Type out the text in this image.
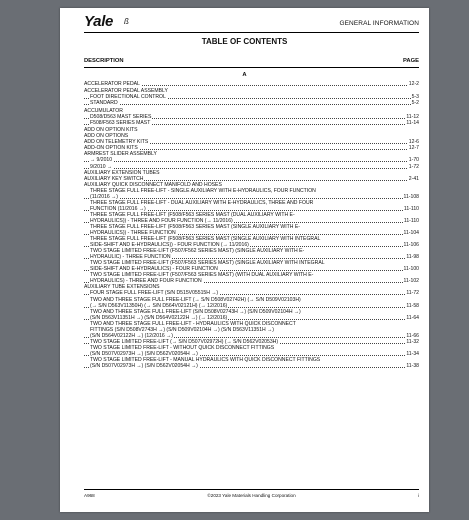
Yale ß	GENERAL INFORMATION
TABLE OF CONTENTS
DESCRIPTION	PAGE
A
ACCELERATOR PEDAL	12-2
ACCELERATOR PEDAL ASSEMBLY
FOOT DIRECTIONAL CONTROL	5-3
STANDARD	5-2
ACCUMULATOR
D508/D563 MAST SERIES	11-12
F508/F563 SERIES MAST	11-14
ADD ON OPTION KITS
ADD ON OPTIONS
ADD ON TELEMETRY KITS	12-6
ADD-ON OPTION KITS	12-7
ARMREST SLIDER ASSEMBLY
→ 9/2010	1-70
9/2010 →	1-72
AUXILIARY EXTENSION TUBES
AUXILIARY KEY SWITCH	2-41
AUXILIARY QUICK DISCONNECT MANIFOLD AND HOSES
THREE STAGE FULL FREE-LIFT - SINGLE AUXILIARY WITH E-HYDRAULICS, FOUR FUNCTION
(11/2016 →)	11-108
THREE STAGE FULL FREE-LIFT - DUAL AUXILIARY WITH E-HYDRAULICS, THREE AND FOUR
FUNCTION (11/2016 →)	11-110
THREE STAGE FULL FREE-LIFT (F508/F563 SERIES MAST (DUAL AUXILIARY WITH E-
HYDRAULICS)) - THREE AND FOUR FUNCTION (→ 11/2016)	11-110
THREE STAGE FULL FREE-LIFT (F508/F563 SERIES MAST (SINGLE AUXILIARY WITH E-
HYDRAULICS)) - THREE FUNCTION	11-104
THREE STAGE FULL FREE-LIFT (F508/F563 SERIES MAST (SINGLE AUXILIARY WITH INTEGRAL
SIDE-SHIFT AND E-HYDRAULICS)) - FOUR FUNCTION (→ 11/2016)	11-106
TWO STAGE LIMITED FREE-LIFT (F507/F562 SERIES MAST) (SINGLE AUXILIARY WITH E-
HYDRAULIC) - THREE FUNCTION	11-98
TWO STAGE LIMITED FREE-LIFT (F507/F563 SERIES MAST) (SINGLE AUXILIARY WITH INTEGRAL
SIDE-SHIFT AND E-HYDRAULICS) - FOUR FUNCTION	11-100
TWO STAGE LIMITED FREE-LIFT (F507/F563 SERIES MAST) (WITH DUAL AUXILIARY WITH E-
HYDRAULICS) - THREE AND FOUR FUNCTION	11-102
AUXILIARY TUBE EXTENSIONS
FOUR STAGE FULL FREE-LIFT (S/N D515V05515H →)	11-72
TWO AND THREE STAGE FULL FREE-LIFT (→ S/N D508V02742H) (→ S/N D509V02103H)
(→ S/N D563V11350H) (→ S/N D564V02121H) (→ 12/2016)	11-58
TWO AND THREE STAGE FULL FREE-LIFT (S/N D508V02743H →) (S/N D509V02104H →)
(S/N D563V11351H →) (S/N D564V02122H →) (→ 12/2016)	11-64
TWO AND THREE STAGE FULL FREE-LIFT - HYDRAULICS WITH QUICK DISCONNECT
FITTINGS (S/N D508V2743H →) (S/N D509V02104H →) (S/N D563V11351H →)
(S/N D564V02122H →) (12/2016 →)	11-66
TWO STAGE LIMITED FREE-LIFT (→ S/N D507V02972H) (→ S/N D562V02053H)	11-32
TWO STAGE LIMITED FREE-LIFT - WITHOUT QUICK DISCONNECT FITTINGS
(S/N D507V02973H →) (S/N D562V02054H →)	11-34
TWO STAGE LIMITED FREE-LIFT - MANUAL HYDRAULICS WITH QUICK DISCONNECT FITTINGS
(S/N D507V02973H →) (S/N D562V02054H →)	11-38
A968	©2023 Yale Materials Handling Corporation	i
